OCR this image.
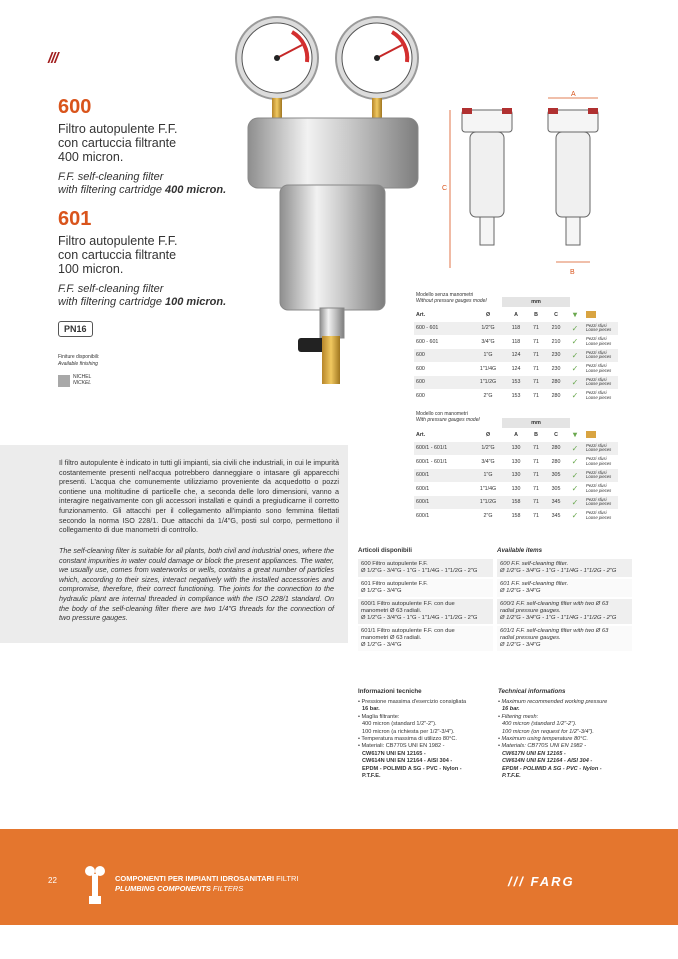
///
600
Filtro autopulente F.F.
con cartuccia filtrante
400 micron.
F.F. self-cleaning filter
with filtering cartridge 400 micron.
601
Filtro autopulente F.F.
con cartuccia filtrante
100 micron.
F.F. self-cleaning filter
with filtering cartridge 100 micron.
PN16
Finiture disponibili:
Available finishing
NICHEL
NICKEL
A
C
B
Modello senza manometri
Without pressure gauges model	mm
Art.	Ø	A	B	C	▾	
600 - 601	1/2"G	118	71	210	✓	Pezzi sfusi Loose pieces
600 - 601	3/4"G	118	71	210	✓	Pezzi sfusi Loose pieces
600	1"G	124	71	230	✓	Pezzi sfusi Loose pieces
600	1"1/4G	124	71	230	✓	Pezzi sfusi Loose pieces
600	1"1/2G	153	71	280	✓	Pezzi sfusi Loose pieces
600	2"G	153	71	280	✓	Pezzi sfusi Loose pieces
Modello con manometri
With pressure gauges model	mm
Art.	Ø	A	B	C	▾	
600/1 - 601/1	1/2"G	130	71	280	✓	Pezzi sfusi Loose pieces
600/1 - 601/1	3/4"G	130	71	280	✓	Pezzi sfusi Loose pieces
600/1	1"G	130	71	305	✓	Pezzi sfusi Loose pieces
600/1	1"1/4G	130	71	305	✓	Pezzi sfusi Loose pieces
600/1	1"1/2G	158	71	345	✓	Pezzi sfusi Loose pieces
600/1	2"G	158	71	345	✓	Pezzi sfusi Loose pieces
Il filtro autopulente è indicato in tutti gli impianti, sia civili che industriali, in cui le impurità costantemente presenti nell'acqua potrebbero danneggiare o intasare gli apparecchi presenti. L'acqua che comunemente utilizziamo proveniente da acquedotto o pozzi contiene una moltitudine di particelle che, a seconda delle loro dimensioni, vanno a interagire negativamente con gli accessori installati e quindi a pregiudicarne il corretto funzionamento. Gli attacchi per il collegamento all'impianto sono femmina filettati secondo la norma ISO 228/1. Due attacchi da 1/4"G, posti sul corpo, permettono il collegamento di due manometri di controllo.
The self-cleaning filter is suitable for all plants, both civil and industrial ones, where the constant impurities in water could damage or block the present appliances. The water, we usually use, comes from waterworks or wells, contains a great number of particles which, according to their sizes, interact negatively with the installed accessories and compromise, therefore, their correct functioning. The joints for the connection to the hydraulic plant are internal threaded in compliance with the ISO 228/1 standard. On the body of the self-cleaning filter there are two 1/4"G threads for the connection of two pressure gauges.
Articoli disponibili
600 Filtro autopulente F.F.
Ø 1/2"G - 3/4"G - 1"G - 1"1/4G - 1"1/2G - 2"G
601 Filtro autopulente F.F.
Ø 1/2"G - 3/4"G
600/1 Filtro autopulente F.F. con due
manometri Ø 63 radiali.
Ø 1/2"G - 3/4"G - 1"G - 1"1/4G - 1"1/2G - 2"G
601/1 Filtro autopulente F.F. con due
manometri Ø 63 radiali.
Ø 1/2"G - 3/4"G
Available items
600 F.F. self-cleaning filter.
Ø 1/2"G - 3/4"G - 1"G - 1"1/4G - 1"1/2G - 2"G
601 F.F. self-cleaning filter.
Ø 1/2"G - 3/4"G
600/1 F.F. self-cleaning filter with two Ø 63
radial pressure gauges.
Ø 1/2"G - 3/4"G - 1"G - 1"1/4G - 1"1/2G - 2"G
601/1 F.F. self-cleaning filter with two Ø 63
radial pressure gauges.
Ø 1/2"G - 3/4"G
Informazioni tecniche
• Pressione massima d'esercizio consigliata
16 bar.
• Maglia filtrante:
400 micron (standard 1/2"-2").
100 micron (a richiesta per 1/2"-3/4").
• Temperatura massima di utilizzo 80°C.
• Materiali: CB770S UNI EN 1982 -
CW617N UNI EN 12165 -
CW614N UNI EN 12164 - AISI 304 -
EPDM - POLIMID A SG - PVC - Nylon -
P.T.F.E.
Technical informations
• Maximum recommended working pressure
16 bar.
• Filtering mesh:
400 micron (standard 1/2"-2").
100 micron (on request for 1/2"-3/4").
• Maximum using temperature 80°C.
• Materials: CB770S UNI EN 1982 -
CW617N UNI EN 12165 -
CW614N UNI EN 12164 - AISI 304 -
EPDM - POLIMID A SG - PVC - Nylon -
P.T.F.E.
22	COMPONENTI PER IMPIANTI IDROSANITARI FILTRI
PLUMBING COMPONENTS FILTERS	/// FARG
